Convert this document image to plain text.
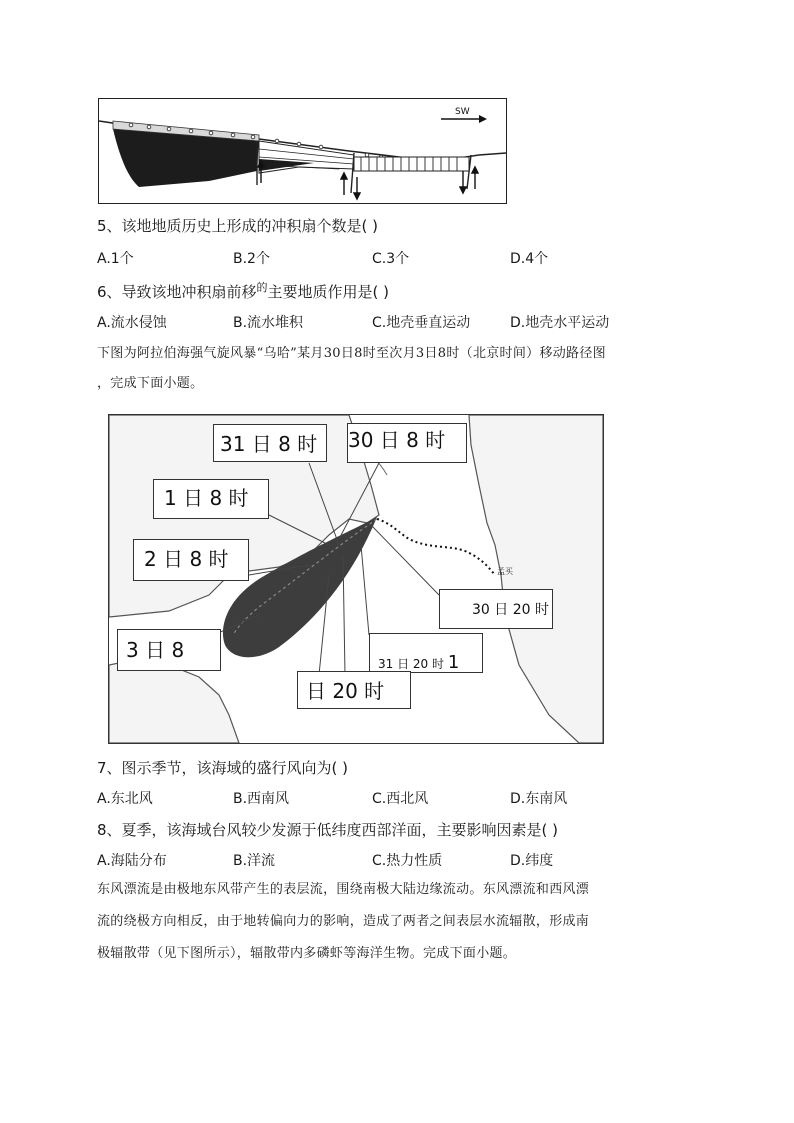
SW
5、该地地质历史上形成的冲积扇个数是( )
A.1个	B.2个	C.3个	D.4个
6、导致该地冲积扇前移$^的$主要地质作用是( )
A.流水侵蚀	B.流水堆积	C.地壳垂直运动	D.地壳水平运动
下图为阿拉伯海强气旋风暴“乌哈”某月30日8时至次月3日8时（北京时间）移动路径图
，完成下面小题。
孟买
31 日 8 时	30 日 8 时
1 日 8 时
2 日 8 时
3 日 8
30 日 20 时
31 日 20 时 1
日 20 时
7、图示季节，该海域的盛行风向为( )
A.东北风	B.西南风	C.西北风	D.东南风
8、夏季，该海域台风较少发源于低纬度西部洋面，主要影响因素是( )
A.海陆分布	B.洋流	C.热力性质	D.纬度
东风漂流是由极地东风带产生的表层流，围绕南极大陆边缘流动。东风漂流和西风漂
流的绕极方向相反，由于地转偏向力的影响，造成了两者之间表层水流辐散，形成南
极辐散带（见下图所示），辐散带内多磷虾等海洋生物。完成下面小题。
